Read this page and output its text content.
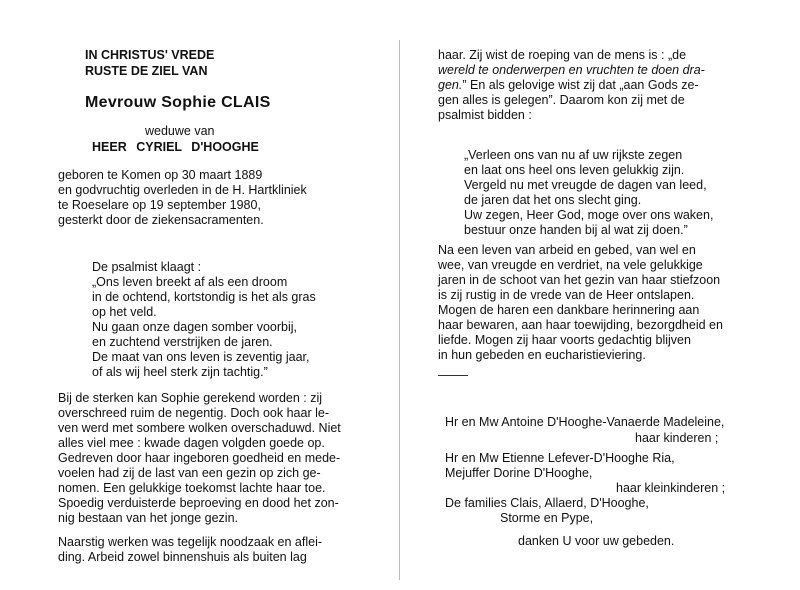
IN CHRISTUS' VREDE
RUSTE DE ZIEL VAN
Mevrouw Sophie CLAIS
weduwe van
HEER CYRIEL D'HOOGHE
geboren te Komen op 30 maart 1889
en godvruchtig overleden in de H. Hartkliniek
te Roeselare op 19 september 1980,
gesterkt door de ziekensacramenten.
De psalmist klaagt :
„Ons leven breekt af als een droom
in de ochtend, kortstondig is het als gras
op het veld.
Nu gaan onze dagen somber voorbij,
en zuchtend verstrijken de jaren.
De maat van ons leven is zeventig jaar,
of als wij heel sterk zijn tachtig.”
Bij de sterken kan Sophie gerekend worden : zij
overschreed ruim de negentig. Doch ook haar le-
ven werd met sombere wolken overschaduwd. Niet
alles viel mee : kwade dagen volgden goede op.
Gedreven door haar ingeboren goedheid en mede-
voelen had zij de last van een gezin op zich ge-
nomen. Een gelukkige toekomst lachte haar toe.
Spoedig verduisterde beproeving en dood het zon-
nig bestaan van het jonge gezin.
Naarstig werken was tegelijk noodzaak en aflei-
ding. Arbeid zowel binnenshuis als buiten lag
haar. Zij wist de roeping van de mens is : „de
wereld te onderwerpen en vruchten te doen dra-
gen.” En als gelovige wist zij dat „aan Gods ze-
gen alles is gelegen”. Daarom kon zij met de
psalmist bidden :
„Verleen ons van nu af uw rijkste zegen
en laat ons heel ons leven gelukkig zijn.
Vergeld nu met vreugde de dagen van leed,
de jaren dat het ons slecht ging.
Uw zegen, Heer God, moge over ons waken,
bestuur onze handen bij al wat zij doen.”
Na een leven van arbeid en gebed, van wel en
wee, van vreugde en verdriet, na vele gelukkige
jaren in de schoot van het gezin van haar stiefzoon
is zij rustig in de vrede van de Heer ontslapen.
Mogen de haren een dankbare herinnering aan
haar bewaren, aan haar toewijding, bezorgdheid en
liefde. Mogen zij haar voorts gedachtig blijven
in hun gebeden en eucharistieviering.
Hr en Mw Antoine D'Hooghe-Vanaerde Madeleine,
haar kinderen ;
Hr en Mw Etienne Lefever-D'Hooghe Ria,
Mejuffer Dorine D'Hooghe,
haar kleinkinderen ;
De families Clais, Allaerd, D'Hooghe,
Storme en Pype,
danken U voor uw gebeden.
